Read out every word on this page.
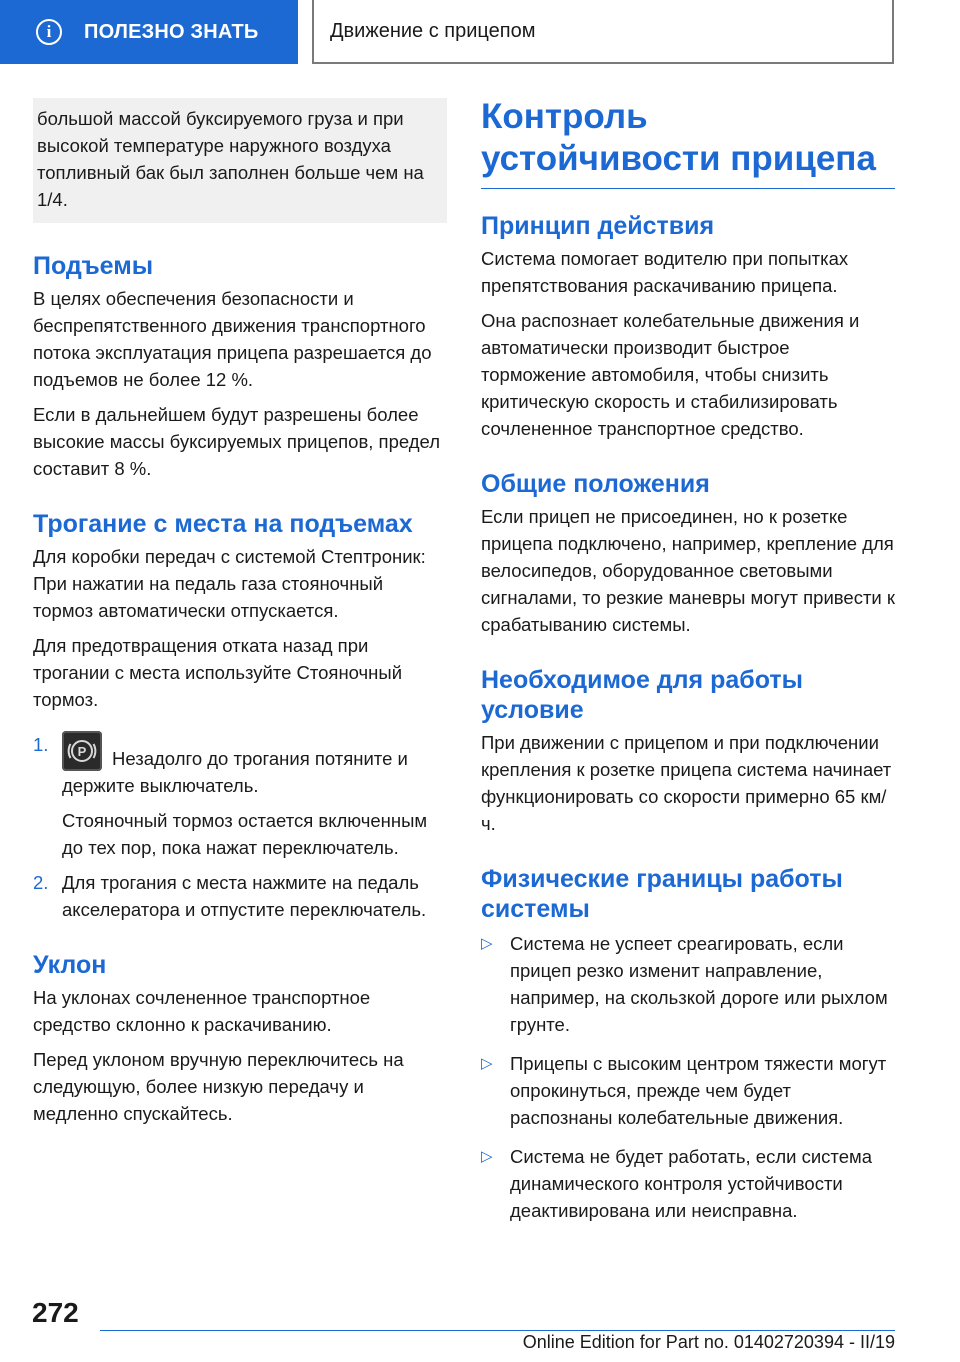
i	ПОЛЕЗНО ЗНАТЬ	Движение с прицепом

большой массой буксируемого груза и при высокой температуре наружного воздуха топливный бак был заполнен больше чем на 1/4.

Подъемы

В целях обеспечения безопасности и беспрепятственного движения транспортного потока эксплуатация прицепа разрешается до подъемов не более 12 %.

Если в дальнейшем будут разрешены более высокие массы буксируемых прицепов, предел составит 8 %.

Трогание с места на подъемах

Для коробки передач с системой Стептроник: При нажатии на педаль газа стояночный тормоз автоматически отпускается.

Для предотвращения отката назад при трогании с места используйте Стояночный тормоз.

1. P Незадолго до трогания потяните и держите выключатель.
Стояночный тормоз остается включенным до тех пор, пока нажат переключатель.
2. Для трогания с места нажмите на педаль акселератора и отпустите переключатель.
Уклон

На уклонах сочлененное транспортное средство склонно к раскачиванию.

Перед уклоном вручную переключитесь на следующую, более низкую передачу и медленно спускайтесь.

Контроль устойчивости прицепа
Принцип действия

Система помогает водителю при попытках препятствования раскачиванию прицепа.

Она распознает колебательные движения и автоматически производит быстрое торможение автомобиля, чтобы снизить критическую скорость и стабилизировать сочлененное транспортное средство.

Общие положения

Если прицеп не присоединен, но к розетке прицепа подключено, например, крепление для велосипедов, оборудованное световыми сигналами, то резкие маневры могут привести к срабатыванию системы.

Необходимое для работы условие

При движении с прицепом и при подключении крепления к розетке прицепа система начинает функционировать со скорости примерно 65 км/ч.

Физические границы работы системы
▷ Система не успеет среагировать, если прицеп резко изменит направление, например, на скользкой дороге или рыхлом грунте.
▷ Прицепы с высоким центром тяжести могут опрокинуться, прежде чем будет распознаны колебательные движения.
▷ Система не будет работать, если система динамического контроля устойчивости деактивирована или неисправна.
272
Online Edition for Part no. 01402720394 - II/19
